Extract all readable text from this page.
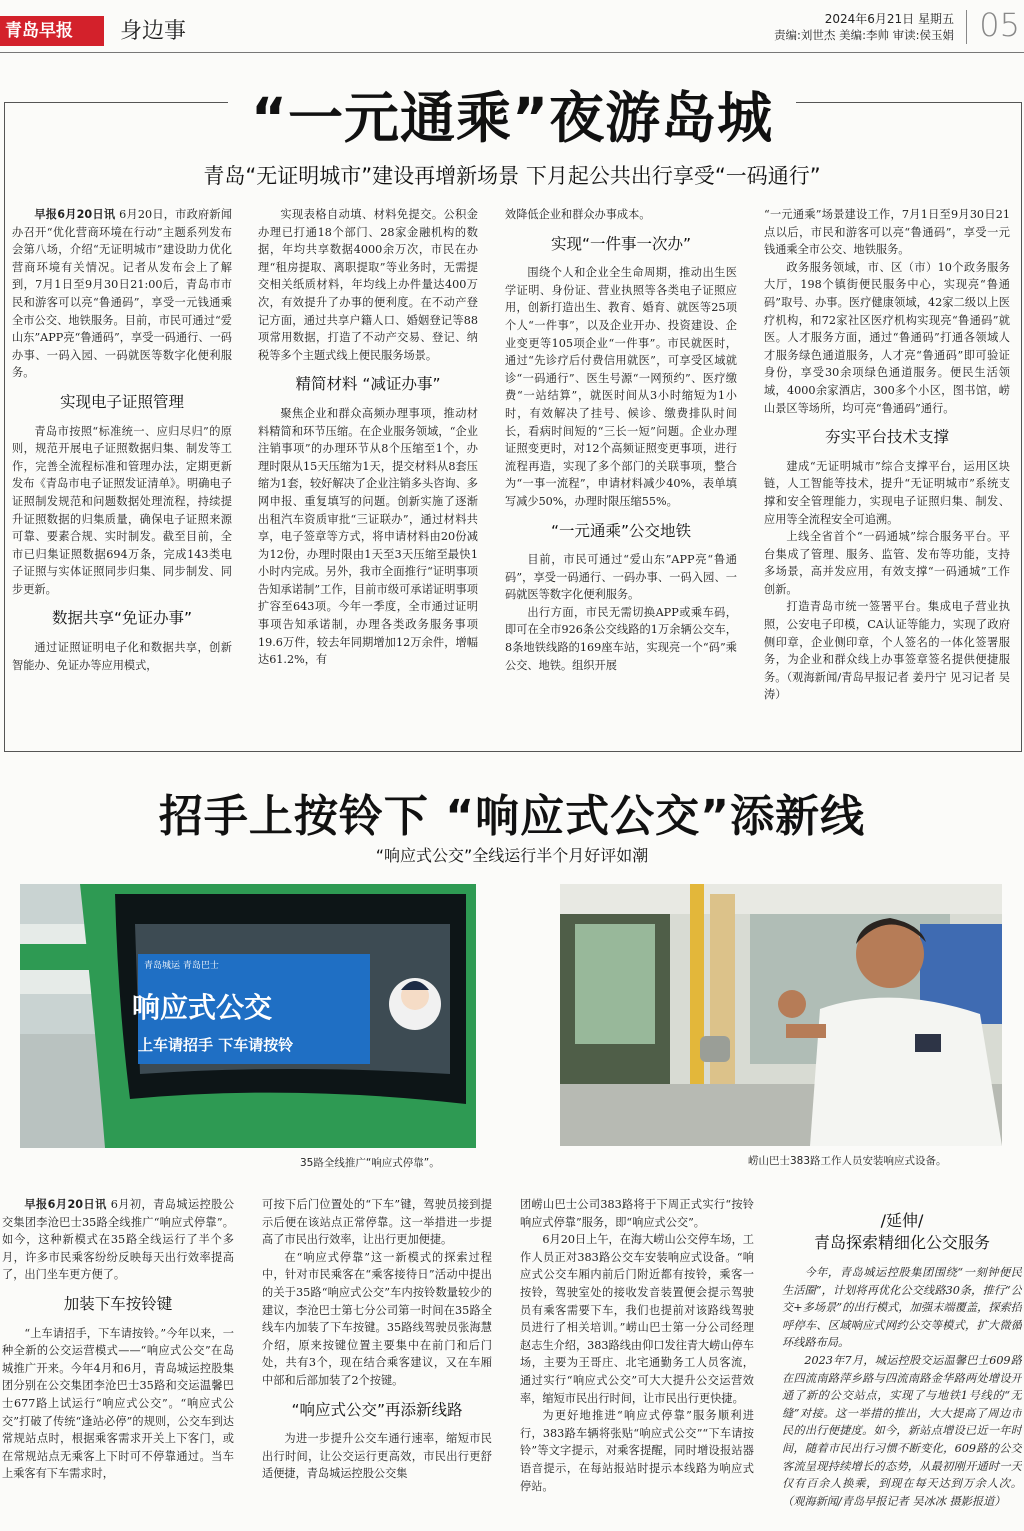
青岛早报	身边事	2024年6月21日 星期五
责编:刘世杰 美编:李帅 审读:侯玉娟 05
“一元通乘”夜游岛城
青岛“无证明城市”建设再增新场景 下月起公共出行享受“一码通行”

早报6月20日讯 6月20日，市政府新闻办召开“优化营商环境在行动”主题系列发布会第八场，介绍“无证明城市”建设助力优化营商环境有关情况。记者从发布会上了解到，7月1日至9月30日21:00后，青岛市市民和游客可以亮“鲁通码”，享受一元钱通乘全市公交、地铁服务。目前，市民可通过“爱山东”APP亮“鲁通码”，享受一码通行、一码办事、一码入园、一码就医等数字化便利服务。

实现电子证照管理

青岛市按照“标准统一、应归尽归”的原则，规范开展电子证照数据归集、制发等工作，完善全流程标准和管理办法，定期更新发布《青岛市电子证照发证清单》。明确电子证照制发规范和问题数据处理流程，持续提升证照数据的归集质量，确保电子证照来源可靠、要素合规、实时制发。截至目前，全市已归集证照数据694万条，完成143类电子证照与实体证照同步归集、同步制发、同步更新。

数据共享“免证办事”

通过证照证明电子化和数据共享，创新智能办、免证办等应用模式，

实现表格自动填、材料免提交。公积金办理已打通18个部门、28家金融机构的数据，年均共享数据4000余万次，市民在办理“租房提取、离职提取”等业务时，无需提交相关纸质材料，年均线上办件量达400万次，有效提升了办事的便利度。在不动产登记方面，通过共享户籍人口、婚姻登记等88项常用数据，打造了不动产交易、登记、纳税等多个主题式线上便民服务场景。

精简材料 “减证办事”

聚焦企业和群众高频办理事项，推动材料精简和环节压缩。在企业服务领域，“企业注销事项”的办理环节从8个压缩至1个，办理时限从15天压缩为1天，提交材料从8套压缩为1套，较好解决了企业注销多头咨询、多网申报、重复填写的问题。创新实施了逐渐出租汽车资质审批“三证联办”，通过材料共享，电子签章等方式，将申请材料由20份减为12份，办理时限由1天至3天压缩至最快1小时内完成。另外，我市全面推行“证明事项告知承诺制”工作，目前市级可承诺证明事项扩容至643项。今年一季度，全市通过证明事项告知承诺制，办理各类政务服务事项19.6万件，较去年同期增加12万余件，增幅达61.2%，有

效降低企业和群众办事成本。

实现“一件事一次办”

围绕个人和企业全生命周期，推动出生医学证明、身份证、营业执照等各类电子证照应用，创新打造出生、教育、婚育、就医等25项个人“一件事”，以及企业开办、投资建设、企业变更等105项企业“一件事”。市民就医时，通过“先诊疗后付费信用就医”，可享受区域就诊“一码通行”、医生号源“一网预约”、医疗缴费“一站结算”，就医时间从3小时缩短为1小时，有效解决了挂号、候诊、缴费排队时间长，看病时间短的“三长一短”问题。企业办理证照变更时，对12个高频证照变更事项，进行流程再造，实现了多个部门的关联事项，整合为“一事一流程”，申请材料减少40%，表单填写减少50%，办理时限压缩55%。

“一元通乘”公交地铁

目前，市民可通过“爱山东”APP亮“鲁通码”，享受一码通行、一码办事、一码入园、一码就医等数字化便利服务。

出行方面，市民无需切换APP或乘车码，即可在全市926条公交线路的1万余辆公交车，8条地铁线路的169座车站，实现亮一个“码”乘公交、地铁。组织开展

“一元通乘”场景建设工作，7月1日至9月30日21点以后，市民和游客可以亮“鲁通码”，享受一元钱通乘全市公交、地铁服务。

政务服务领域，市、区（市）10个政务服务大厅，198个镇街便民服务中心，实现亮“鲁通码”取号、办事。医疗健康领域，42家二级以上医疗机构，和72家社区医疗机构实现亮“鲁通码”就医。人才服务方面，通过“鲁通码”打通各领域人才服务绿色通道服务，人才亮“鲁通码”即可验证身份，享受30余项绿色通道服务。便民生活领域，4000余家酒店，300多个小区，图书馆，崂山景区等场所，均可亮“鲁通码”通行。

夯实平台技术支撑

建成“无证明城市”综合支撑平台，运用区块链，人工智能等技术，提升“无证明城市”系统支撑和安全管理能力，实现电子证照归集、制发、应用等全流程安全可追溯。

上线全省首个“一码通城”综合服务平台。平台集成了管理、服务、监管、发布等功能，支持多场景，高并发应用，有效支撑“一码通城”工作创新。

打造青岛市统一签署平台。集成电子营业执照，公安电子印模，CA认证等能力，实现了政府侧印章，企业侧印章，个人签名的一体化签署服务，为企业和群众线上办事签章签名提供便捷服务。（观海新闻/青岛早报记者 姜丹宁 见习记者 吴涛）

招手上按铃下 “响应式公交”添新线
“响应式公交”全线运行半个月好评如潮
青岛城运 青岛巴士
响应式公交
上车请招手 下车请按铃
35路全线推广“响应式停靠”。	崂山巴士383路工作人员安装响应式设备。

早报6月20日讯 6月初，青岛城运控股公交集团李沧巴士35路全线推广“响应式停靠”。如今，这种新模式在35路全线运行了半个多月，许多市民乘客纷纷反映每天出行效率提高了，出门坐车更方便了。

加装下车按铃键

“上车请招手，下车请按铃。”今年以来，一种全新的公交运营模式——“响应式公交”在岛城推广开来。今年4月和6月，青岛城运控股集团分别在公交集团李沧巴士35路和交运温馨巴士677路上试运行“响应式公交”。“响应式公交”打破了传统“逢站必停”的规则，公交车到达常规站点时，根据乘客需求开关上下客门，或在常规站点无乘客上下时可不停靠通过。当车上乘客有下车需求时，

可按下后门位置处的“下车”键，驾驶员接到提示后便在该站点正常停靠。这一举措进一步提高了市民出行效率，让出行更加便捷。

在“响应式停靠”这一新模式的探索过程中，针对市民乘客在“乘客接待日”活动中提出的关于35路“响应式公交”车内按铃数量较少的建议，李沧巴士第七分公司第一时间在35路全线车内加装了下车按键。35路线驾驶员张海慧介绍，原来按键位置主要集中在前门和后门处，共有3个，现在结合乘客建议，又在车厢中部和后部加装了2个按键。

“响应式公交”再添新线路

为进一步提升公交车通行速率，缩短市民出行时间，让公交运行更高效，市民出行更舒适便捷，青岛城运控股公交集

团崂山巴士公司383路将于下周正式实行“按铃响应式停靠”服务，即“响应式公交”。

6月20日上午，在海大崂山公交停车场，工作人员正对383路公交车安装响应式设备。“响应式公交车厢内前后门附近都有按铃，乘客一按铃，驾驶室处的接收发音装置便会提示驾驶员有乘客需要下车，我们也提前对该路线驾驶员进行了相关培训。”崂山巴士第一分公司经理赵志生介绍，383路线由仰口发往青大崂山停车场，主要为王哥庄、北宅通勤务工人员客流，通过实行“响应式公交”可大大提升公交运营效率，缩短市民出行时间，让市民出行更快捷。

为更好地推进“响应式停靠”服务顺利进行，383路车辆将张贴“响应式公交”“下车请按铃”等文字提示，对乘客提醒，同时增设报站器语音提示，在每站报站时提示本线路为响应式停站。

/延伸/
青岛探索精细化公交服务

今年，青岛城运控股集团围绕“一刻钟便民生活圈”，计划将再优化公交线路30条，推行“公交+多场景”的出行模式，加强末端覆盖，探索招呼停车、区域响应式网约公交等模式，扩大微循环线路布局。

2023年7月，城运控股交运温馨巴士609路在四流南路萍乡路与四流南路金华路两处增设开通了新的公交站点，实现了与地铁1号线的“无缝”对接。这一举措的推出，大大提高了周边市民的出行便捷度。如今，新站点增设已近一年时间，随着市民出行习惯不断变化，609路的公交客流呈现持续增长的态势，从最初刚开通时一天仅有百余人换乘，到现在每天达到万余人次。（观海新闻/青岛早报记者 吴冰冰 摄影报道）
